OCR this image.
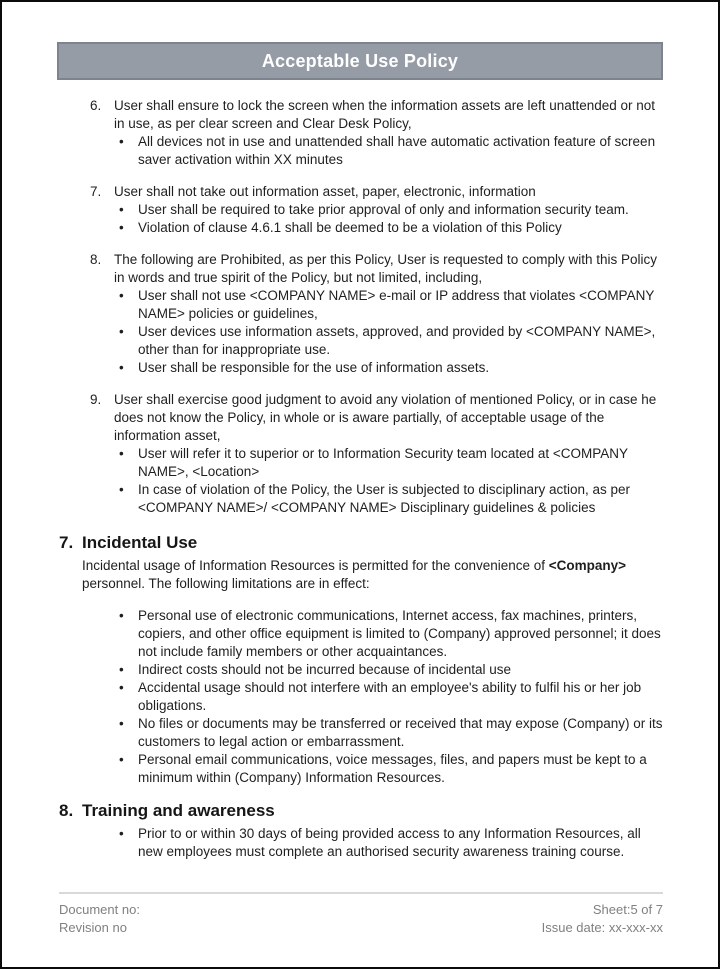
Acceptable Use Policy
6. User shall ensure to lock the screen when the information assets are left unattended or not in use, as per clear screen and Clear Desk Policy,
•	All devices not in use and unattended shall have automatic activation feature of screen saver activation within XX minutes
7. User shall not take out information asset, paper, electronic, information
•	User shall be required to take prior approval of only and information security team.
•	Violation of clause 4.6.1 shall be deemed to be a violation of this Policy
8. The following are Prohibited, as per this Policy, User is requested to comply with this Policy in words and true spirit of the Policy, but not limited, including,
•	User shall not use <COMPANY NAME> e-mail or IP address that violates <COMPANY NAME> policies or guidelines,
•	User devices use information assets, approved, and provided by <COMPANY NAME>, other than for inappropriate use.
•	User shall be responsible for the use of information assets.
9. User shall exercise good judgment to avoid any violation of mentioned Policy, or in case he does not know the Policy, in whole or is aware partially, of acceptable usage of the information asset,
•	User will refer it to superior or to Information Security team located at <COMPANY NAME>, <Location>
•	In case of violation of the Policy, the User is subjected to disciplinary action, as per <COMPANY NAME>/ <COMPANY NAME> Disciplinary guidelines & policies
7. Incidental Use
Incidental usage of Information Resources is permitted for the convenience of <Company> personnel. The following limitations are in effect:
•	Personal use of electronic communications, Internet access, fax machines, printers, copiers, and other office equipment is limited to (Company) approved personnel; it does not include family members or other acquaintances.
•	Indirect costs should not be incurred because of incidental use
•	Accidental usage should not interfere with an employee's ability to fulfil his or her job obligations.
•	No files or documents may be transferred or received that may expose (Company) or its customers to legal action or embarrassment.
•	Personal email communications, voice messages, files, and papers must be kept to a minimum within (Company) Information Resources.
8. Training and awareness
•	Prior to or within 30 days of being provided access to any Information Resources, all new employees must complete an authorised security awareness training course.
Document no:
Revision no
Sheet:5 of 7
Issue date: xx-xxx-xx
